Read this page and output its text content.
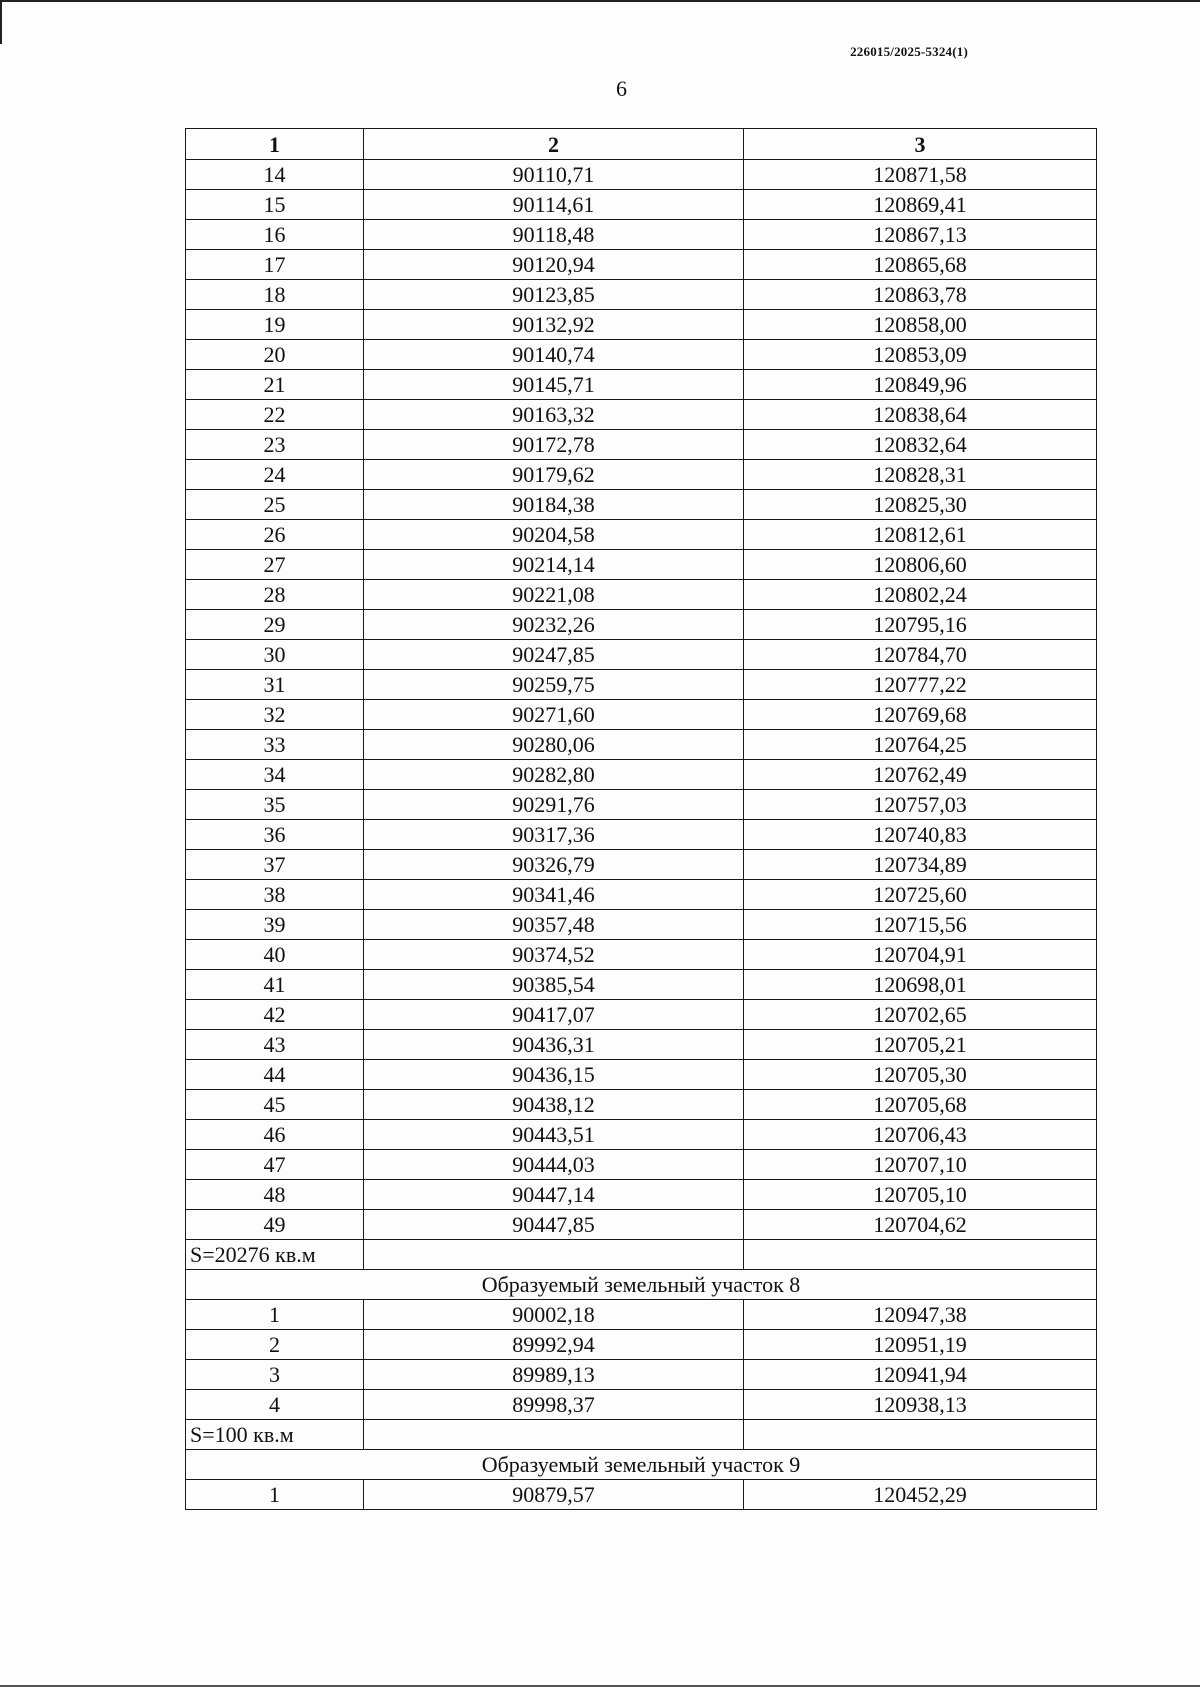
226015/2025-5324(1)
6
1	2	3
14	90110,71	120871,58
15	90114,61	120869,41
16	90118,48	120867,13
17	90120,94	120865,68
18	90123,85	120863,78
19	90132,92	120858,00
20	90140,74	120853,09
21	90145,71	120849,96
22	90163,32	120838,64
23	90172,78	120832,64
24	90179,62	120828,31
25	90184,38	120825,30
26	90204,58	120812,61
27	90214,14	120806,60
28	90221,08	120802,24
29	90232,26	120795,16
30	90247,85	120784,70
31	90259,75	120777,22
32	90271,60	120769,68
33	90280,06	120764,25
34	90282,80	120762,49
35	90291,76	120757,03
36	90317,36	120740,83
37	90326,79	120734,89
38	90341,46	120725,60
39	90357,48	120715,56
40	90374,52	120704,91
41	90385,54	120698,01
42	90417,07	120702,65
43	90436,31	120705,21
44	90436,15	120705,30
45	90438,12	120705,68
46	90443,51	120706,43
47	90444,03	120707,10
48	90447,14	120705,10
49	90447,85	120704,62
S=20276 кв.м		
Образуемый земельный участок 8		
1	90002,18	120947,38
2	89992,94	120951,19
3	89989,13	120941,94
4	89998,37	120938,13
S=100 кв.м		
Образуемый земельный участок 9		
1	90879,57	120452,29
